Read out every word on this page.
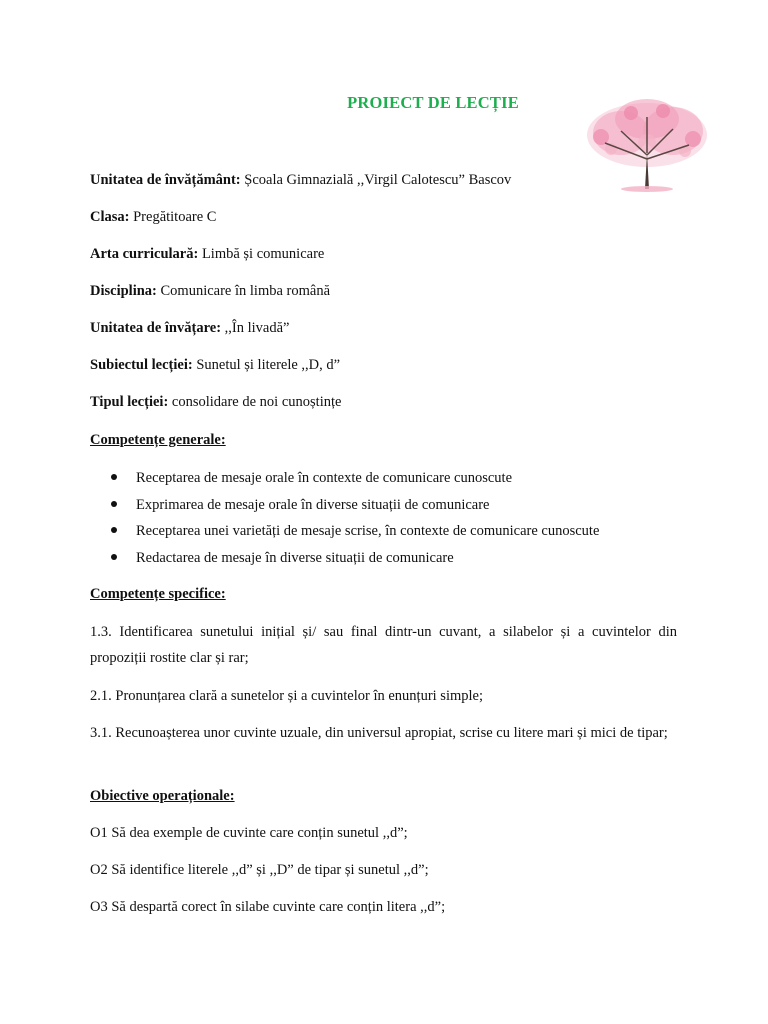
PROIECT DE LECȚIE
Unitatea de învățământ: Școala Gimnazială ,,Virgil Calotescu” Bascov
Clasa: Pregătitoare C
Arta curriculară: Limbă și comunicare
Disciplina: Comunicare în limba română
Unitatea de învățare: ,,În livadă”
Subiectul lecției: Sunetul și literele ,,D, d”
Tipul lecției: consolidare de noi cunoștințe
Competențe generale:
Receptarea de mesaje orale în contexte de comunicare cunoscute
Exprimarea de mesaje orale în diverse situații de comunicare
Receptarea unei varietăți de mesaje scrise, în contexte de comunicare cunoscute
Redactarea de mesaje în diverse situații de comunicare
Competențe specifice:
1.3. Identificarea sunetului inițial și/ sau final dintr-un cuvant, a silabelor și a cuvintelor din propoziții rostite clar și rar;
2.1. Pronunțarea clară a sunetelor și a cuvintelor în enunțuri simple;
3.1. Recunoașterea unor cuvinte uzuale, din universul apropiat, scrise cu litere mari și mici de tipar;
Obiective operaționale:
O1 Să dea exemple de cuvinte care conțin sunetul ,,d”;
O2 Să identifice literele ,,d” și ,,D” de tipar și sunetul ,,d”;
O3 Să despartă corect în silabe cuvinte care conțin litera ,,d”;
